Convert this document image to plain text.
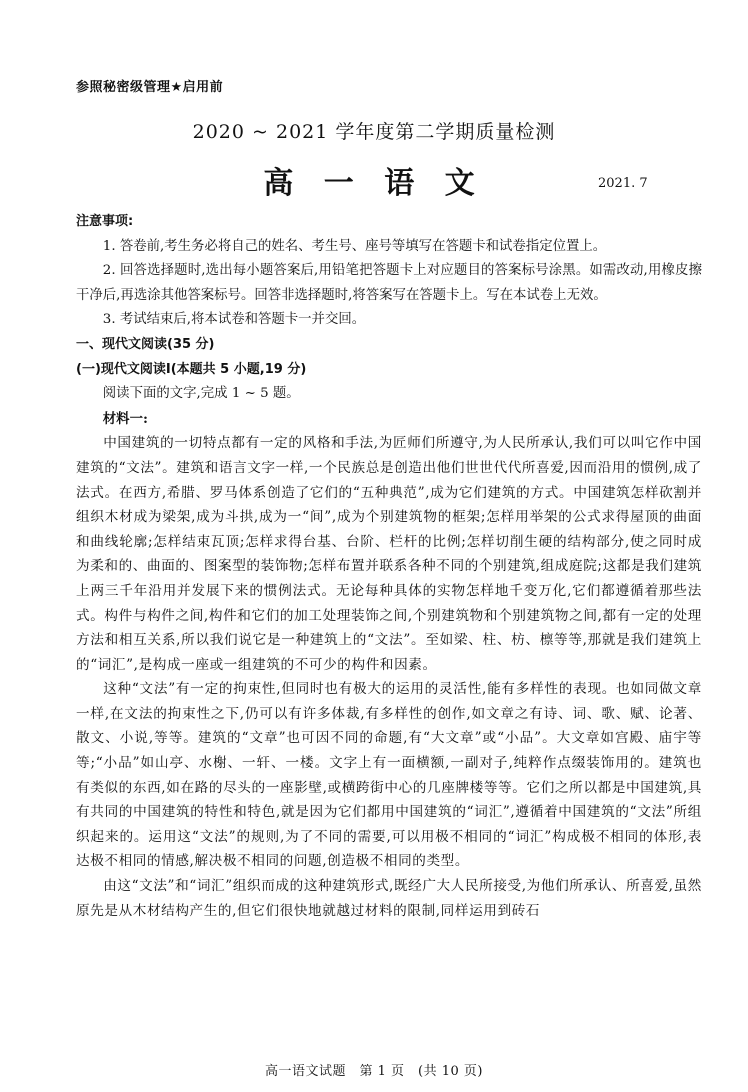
参照秘密级管理★启用前
2020 ~ 2021 学年度第二学期质量检测
高 一 语 文	2021. 7
注意事项:

1. 答卷前,考生务必将自己的姓名、考生号、座号等填写在答题卡和试卷指定位置上。

2. 回答选择题时,选出每小题答案后,用铅笔把答题卡上对应题目的答案标号涂黑。如需改动,用橡皮擦干净后,再选涂其他答案标号。回答非选择题时,将答案写在答题卡上。写在本试卷上无效。

3. 考试结束后,将本试卷和答题卡一并交回。

一、现代文阅读(35 分)
(一)现代文阅读Ⅰ(本题共 5 小题,19 分)

阅读下面的文字,完成 1 ~ 5 题。

材料一:

中国建筑的一切特点都有一定的风格和手法,为匠师们所遵守,为人民所承认,我们可以叫它作中国建筑的“文法”。建筑和语言文字一样,一个民族总是创造出他们世世代代所喜爱,因而沿用的惯例,成了法式。在西方,希腊、罗马体系创造了它们的“五种典范”,成为它们建筑的方式。中国建筑怎样砍割并组织木材成为梁架,成为斗拱,成为一“间”,成为个别建筑物的框架;怎样用举架的公式求得屋顶的曲面和曲线轮廓;怎样结束瓦顶;怎样求得台基、台阶、栏杆的比例;怎样切削生硬的结构部分,使之同时成为柔和的、曲面的、图案型的装饰物;怎样布置并联系各种不同的个别建筑,组成庭院;这都是我们建筑上两三千年沿用并发展下来的惯例法式。无论每种具体的实物怎样地千变万化,它们都遵循着那些法式。构件与构件之间,构件和它们的加工处理装饰之间,个别建筑物和个别建筑物之间,都有一定的处理方法和相互关系,所以我们说它是一种建筑上的“文法”。至如梁、柱、枋、檩等等,那就是我们建筑上的“词汇”,是构成一座或一组建筑的不可少的构件和因素。

这种“文法”有一定的拘束性,但同时也有极大的运用的灵活性,能有多样性的表现。也如同做文章一样,在文法的拘束性之下,仍可以有许多体裁,有多样性的创作,如文章之有诗、词、歌、赋、论著、散文、小说,等等。建筑的“文章”也可因不同的命题,有“大文章”或“小品”。大文章如宫殿、庙宇等等;“小品”如山亭、水榭、一轩、一楼。文字上有一面横额,一副对子,纯粹作点缀装饰用的。建筑也有类似的东西,如在路的尽头的一座影壁,或横跨街中心的几座牌楼等等。它们之所以都是中国建筑,具有共同的中国建筑的特性和特色,就是因为它们都用中国建筑的“词汇”,遵循着中国建筑的“文法”所组织起来的。运用这“文法”的规则,为了不同的需要,可以用极不相同的“词汇”构成极不相同的体形,表达极不相同的情感,解决极不相同的问题,创造极不相同的类型。

由这“文法”和“词汇”组织而成的这种建筑形式,既经广大人民所接受,为他们所承认、所喜爱,虽然原先是从木材结构产生的,但它们很快地就越过材料的限制,同样运用到砖石

高一语文试题　第 1 页　(共 10 页)
